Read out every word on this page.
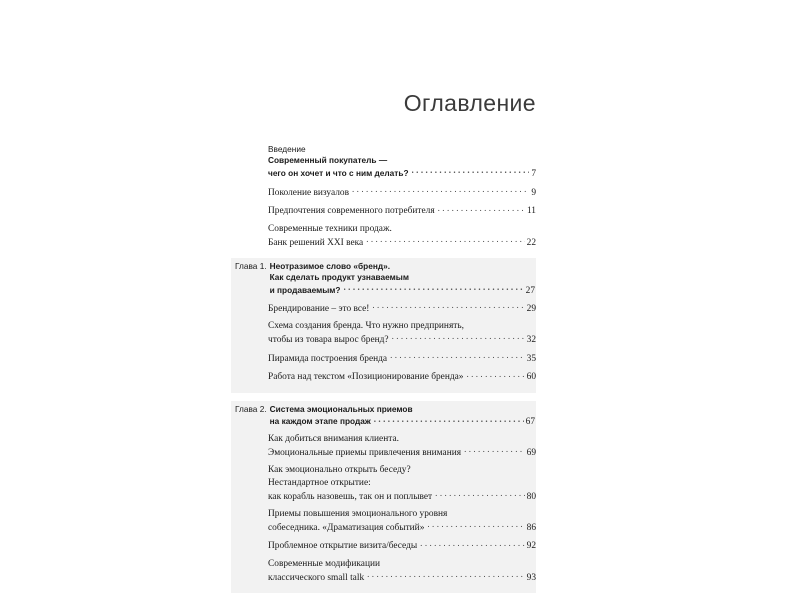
Оглавление
Введение
Современный покупатель —
чего он хочет и что с ним делать? .....	7
Поколение визуалов .....	9
Предпочтения современного потребителя .....	11
Современные техники продаж.
Банк решений XXI века .....	22
Глава 1. Неотразимое слово «бренд».
Как сделать продукт узнаваемым
и продаваемым? .....	27
Брендирование – это все! .....	29
Схема создания бренда. Что нужно предпринять,
чтобы из товара вырос бренд? .....	32
Пирамида построения бренда .....	35
Работа над текстом «Позиционирование бренда» .....	60
Глава 2. Система эмоциональных приемов
на каждом этапе продаж .....	67
Как добиться внимания клиента.
Эмоциональные приемы привлечения внимания .....	69
Как эмоционально открыть беседу?
Нестандартное открытие:
как корабль назовешь, так он и поплывет .....	80
Приемы повышения эмоционального уровня
собеседника. «Драматизация событий» .....	86
Проблемное открытие визита/беседы .....	92
Современные модификации
классического small talk .....	93
